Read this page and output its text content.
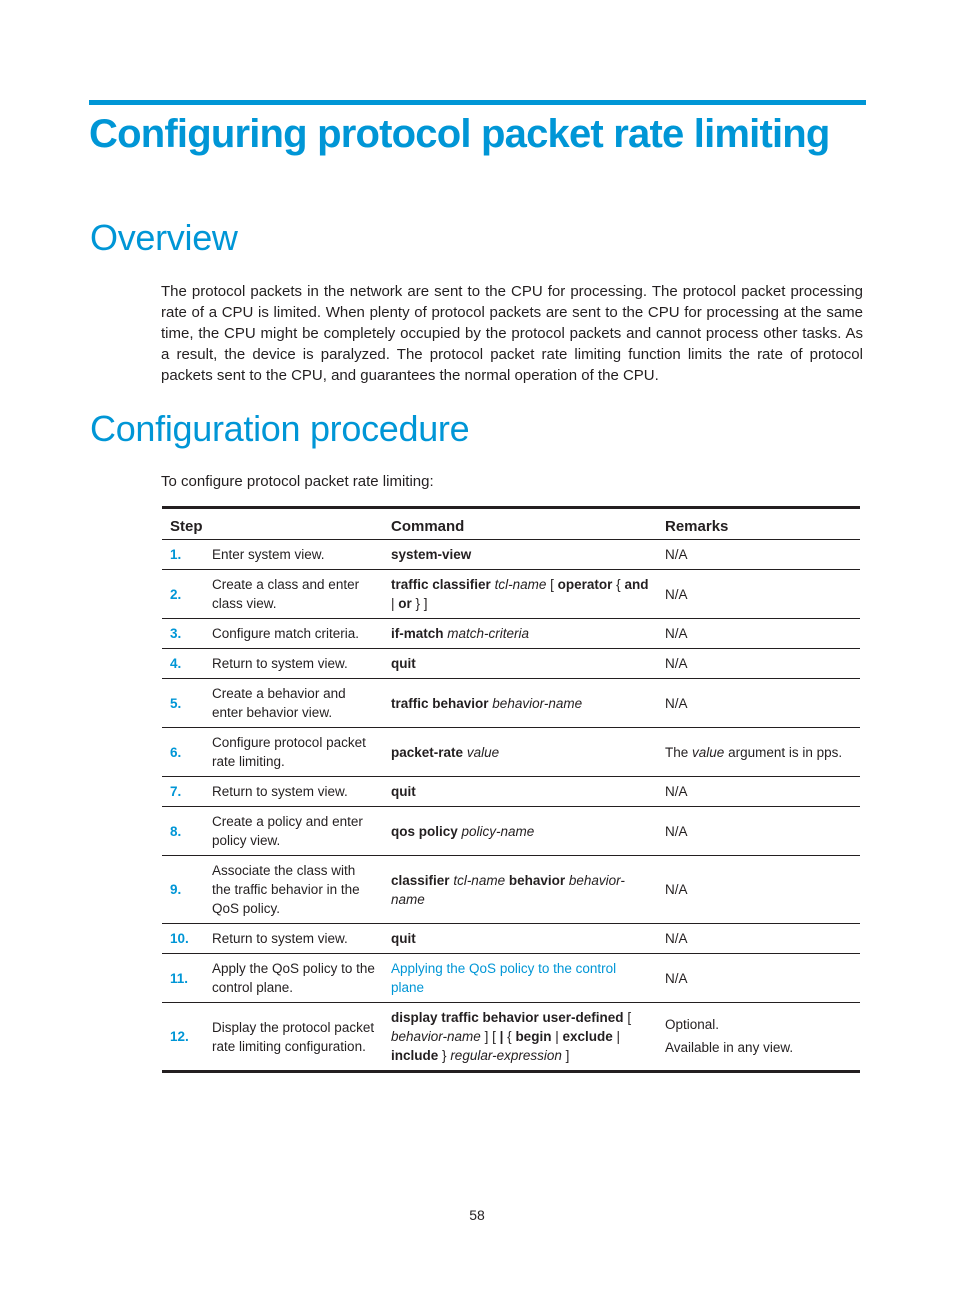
Configuring protocol packet rate limiting
Overview

The protocol packets in the network are sent to the CPU for processing. The protocol packet processing rate of a CPU is limited. When plenty of protocol packets are sent to the CPU for processing at the same time, the CPU might be completely occupied by the protocol packets and cannot process other tasks. As a result, the device is paralyzed. The protocol packet rate limiting function limits the rate of protocol packets sent to the CPU, and guarantees the normal operation of the CPU.

Configuration procedure

To configure protocol packet rate limiting:

Step		Command	Remarks
1.	Enter system view.	system-view	N/A
2.	Create a class and enter class view.	traffic classifier tcl-name [ operator { and | or } ]	N/A
3.	Configure match criteria.	if-match match-criteria	N/A
4.	Return to system view.	quit	N/A
5.	Create a behavior and enter behavior view.	traffic behavior behavior-name	N/A
6.	Configure protocol packet rate limiting.	packet-rate value	The value argument is in pps.
7.	Return to system view.	quit	N/A
8.	Create a policy and enter policy view.	qos policy policy-name	N/A
9.	Associate the class with the traffic behavior in the QoS policy.	classifier tcl-name behavior behavior-name	N/A
10.	Return to system view.	quit	N/A
11.	Apply the QoS policy to the control plane.	Applying the QoS policy to the control plane	N/A
12.	Display the protocol packet rate limiting configuration.	display traffic behavior user-defined [ behavior-name ] [ | { begin | exclude | include } regular-expression ]	Optional.
Available in any view.
58
